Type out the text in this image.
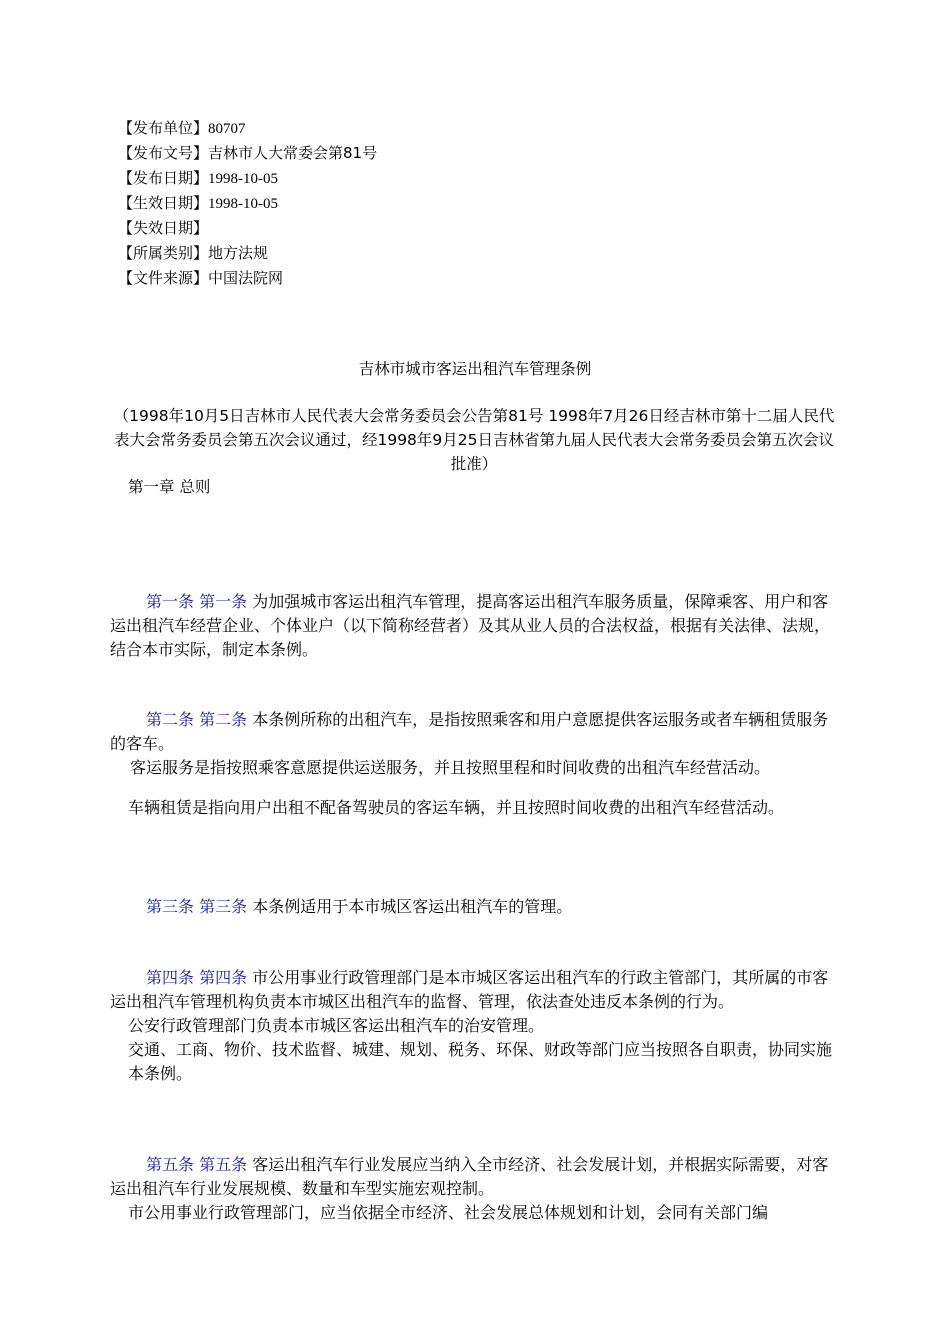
【发布单位】80707
【发布文号】吉林市人大常委会第81号
【发布日期】1998-10-05
【生效日期】1998-10-05
【失效日期】
【所属类别】地方法规
【文件来源】中国法院网
吉林市城市客运出租汽车管理条例
（1998年10月5日吉林市人民代表大会常务委员会公告第81号 1998年7月26日经吉林市第十二届人民代表大会常务委员会第五次会议通过，经1998年9月25日吉林省第九届人民代表大会常务委员会第五次会议批准）
第一章 总则

第一条 第一条 为加强城市客运出租汽车管理，提高客运出租汽车服务质量，保障乘客、用户和客运出租汽车经营企业、个体业户（以下简称经营者）及其从业人员的合法权益，根据有关法律、法规，结合本市实际，制定本条例。

第二条 第二条 本条例所称的出租汽车，是指按照乘客和用户意愿提供客运服务或者车辆租赁服务的客车。

客运服务是指按照乘客意愿提供运送服务，并且按照里程和时间收费的出租汽车经营活动。

车辆租赁是指向用户出租不配备驾驶员的客运车辆，并且按照时间收费的出租汽车经营活动。

第三条 第三条 本条例适用于本市城区客运出租汽车的管理。

第四条 第四条 市公用事业行政管理部门是本市城区客运出租汽车的行政主管部门，其所属的市客运出租汽车管理机构负责本市城区出租汽车的监督、管理，依法查处违反本条例的行为。

公安行政管理部门负责本市城区客运出租汽车的治安管理。

交通、工商、物价、技术监督、城建、规划、税务、环保、财政等部门应当按照各自职责，协同实施本条例。

第五条 第五条 客运出租汽车行业发展应当纳入全市经济、社会发展计划，并根据实际需要，对客运出租汽车行业发展规模、数量和车型实施宏观控制。

市公用事业行政管理部门，应当依据全市经济、社会发展总体规划和计划，会同有关部门编
